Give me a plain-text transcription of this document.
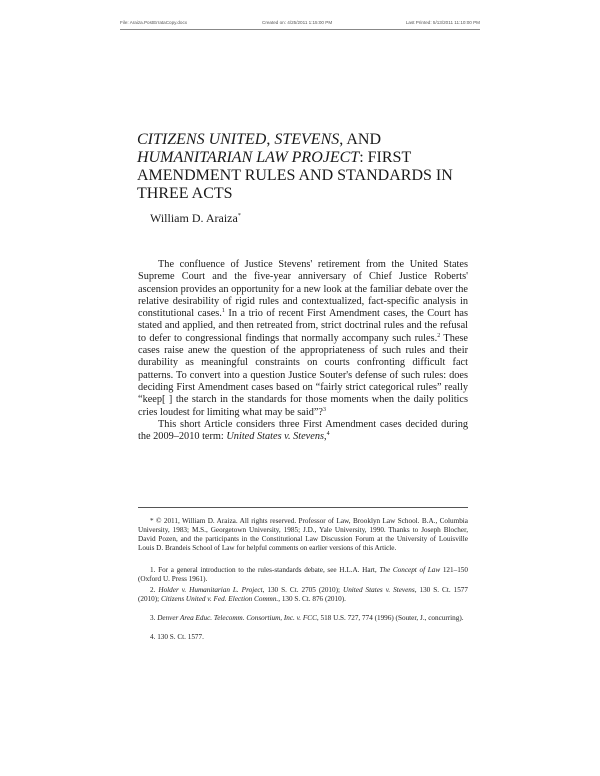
File: Araiza.PostErrataCopy.docx	Created on: 4/25/2011 1:15:00 PM	Last Printed: 5/13/2011 11:10:00 PM
CITIZENS UNITED, STEVENS, AND HUMANITARIAN LAW PROJECT: FIRST AMENDMENT RULES AND STANDARDS IN THREE ACTS
William D. Araiza*

The confluence of Justice Stevens' retirement from the United States Supreme Court and the five-year anniversary of Chief Justice Roberts' ascension provides an opportunity for a new look at the familiar debate over the relative desirability of rigid rules and contextualized, fact-specific analysis in constitutional cases.$^1$ In a trio of recent First Amendment cases, the Court has stated and applied, and then retreated from, strict doctrinal rules and the refusal to defer to congressional findings that normally accompany such rules.$^2$ These cases raise anew the question of the appropriateness of such rules and their durability as meaningful constraints on courts confronting difficult fact patterns. To convert into a question Justice Souter's defense of such rules: does deciding First Amendment cases based on “fairly strict categorical rules” really “keep[ ] the starch in the standards for those moments when the daily politics cries loudest for limiting what may be said”?$^3$

This short Article considers three First Amendment cases decided during the 2009–2010 term: United States v. Stevens,$^4$

* © 2011, William D. Araiza. All rights reserved. Professor of Law, Brooklyn Law School. B.A., Columbia University, 1983; M.S., Georgetown University, 1985; J.D., Yale University, 1990. Thanks to Joseph Blocher, David Pozen, and the participants in the Constitutional Law Discussion Forum at the University of Louisville Louis D. Brandeis School of Law for helpful comments on earlier versions of this Article.

1. For a general introduction to the rules-standards debate, see H.L.A. Hart, The Concept of Law 121–150 (Oxford U. Press 1961).

2. Holder v. Humanitarian L. Project, 130 S. Ct. 2705 (2010); United States v. Stevens, 130 S. Ct. 1577 (2010); Citizens United v. Fed. Election Commn., 130 S. Ct. 876 (2010).

3. Denver Area Educ. Telecomm. Consortium, Inc. v. FCC, 518 U.S. 727, 774 (1996) (Souter, J., concurring).

4. 130 S. Ct. 1577.
